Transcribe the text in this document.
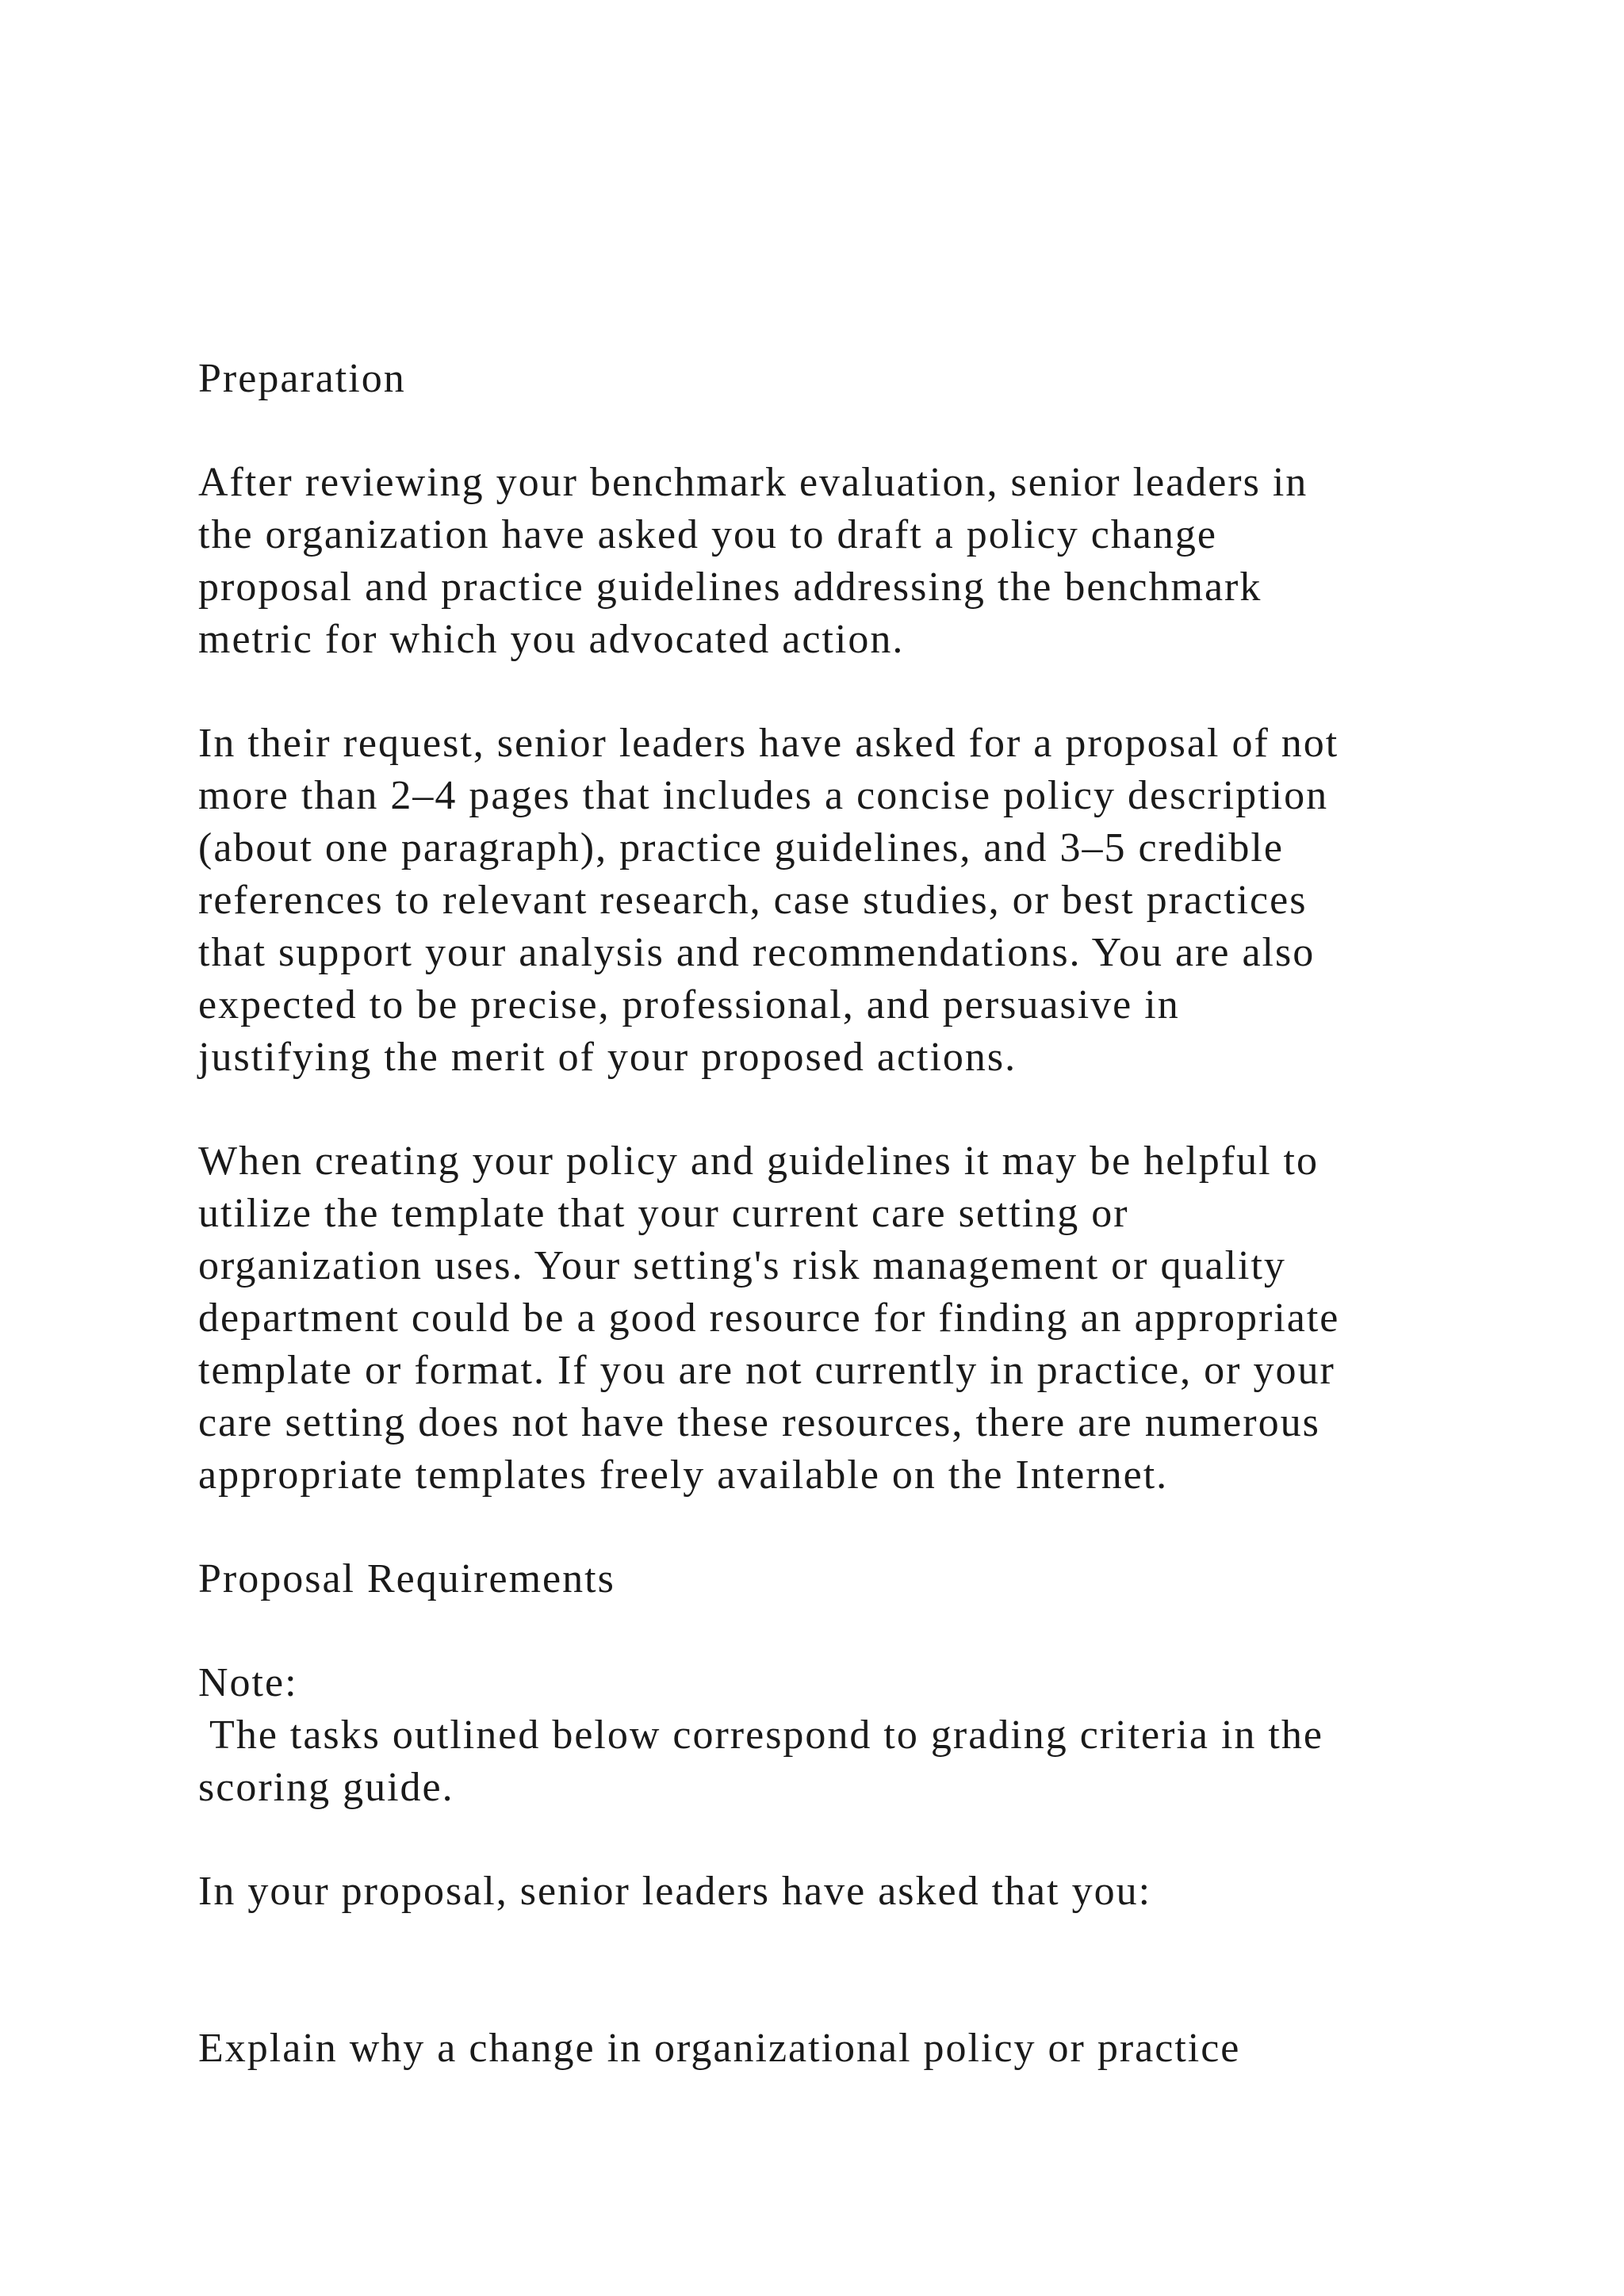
Preparation
After reviewing your benchmark evaluation, senior leaders in
the organization have asked you to draft a policy change
proposal and practice guidelines addressing the benchmark
metric for which you advocated action.
In their request, senior leaders have asked for a proposal of not
more than 2–4 pages that includes a concise policy description
(about one paragraph), practice guidelines, and 3–5 credible
references to relevant research, case studies, or best practices
that support your analysis and recommendations. You are also
expected to be precise, professional, and persuasive in
justifying the merit of your proposed actions.
When creating your policy and guidelines it may be helpful to
utilize the template that your current care setting or
organization uses. Your setting's risk management or quality
department could be a good resource for finding an appropriate
template or format. If you are not currently in practice, or your
care setting does not have these resources, there are numerous
appropriate templates freely available on the Internet.
Proposal Requirements
Note:
The tasks outlined below correspond to grading criteria in the
scoring guide.
In your proposal, senior leaders have asked that you:
Explain why a change in organizational policy or practice
